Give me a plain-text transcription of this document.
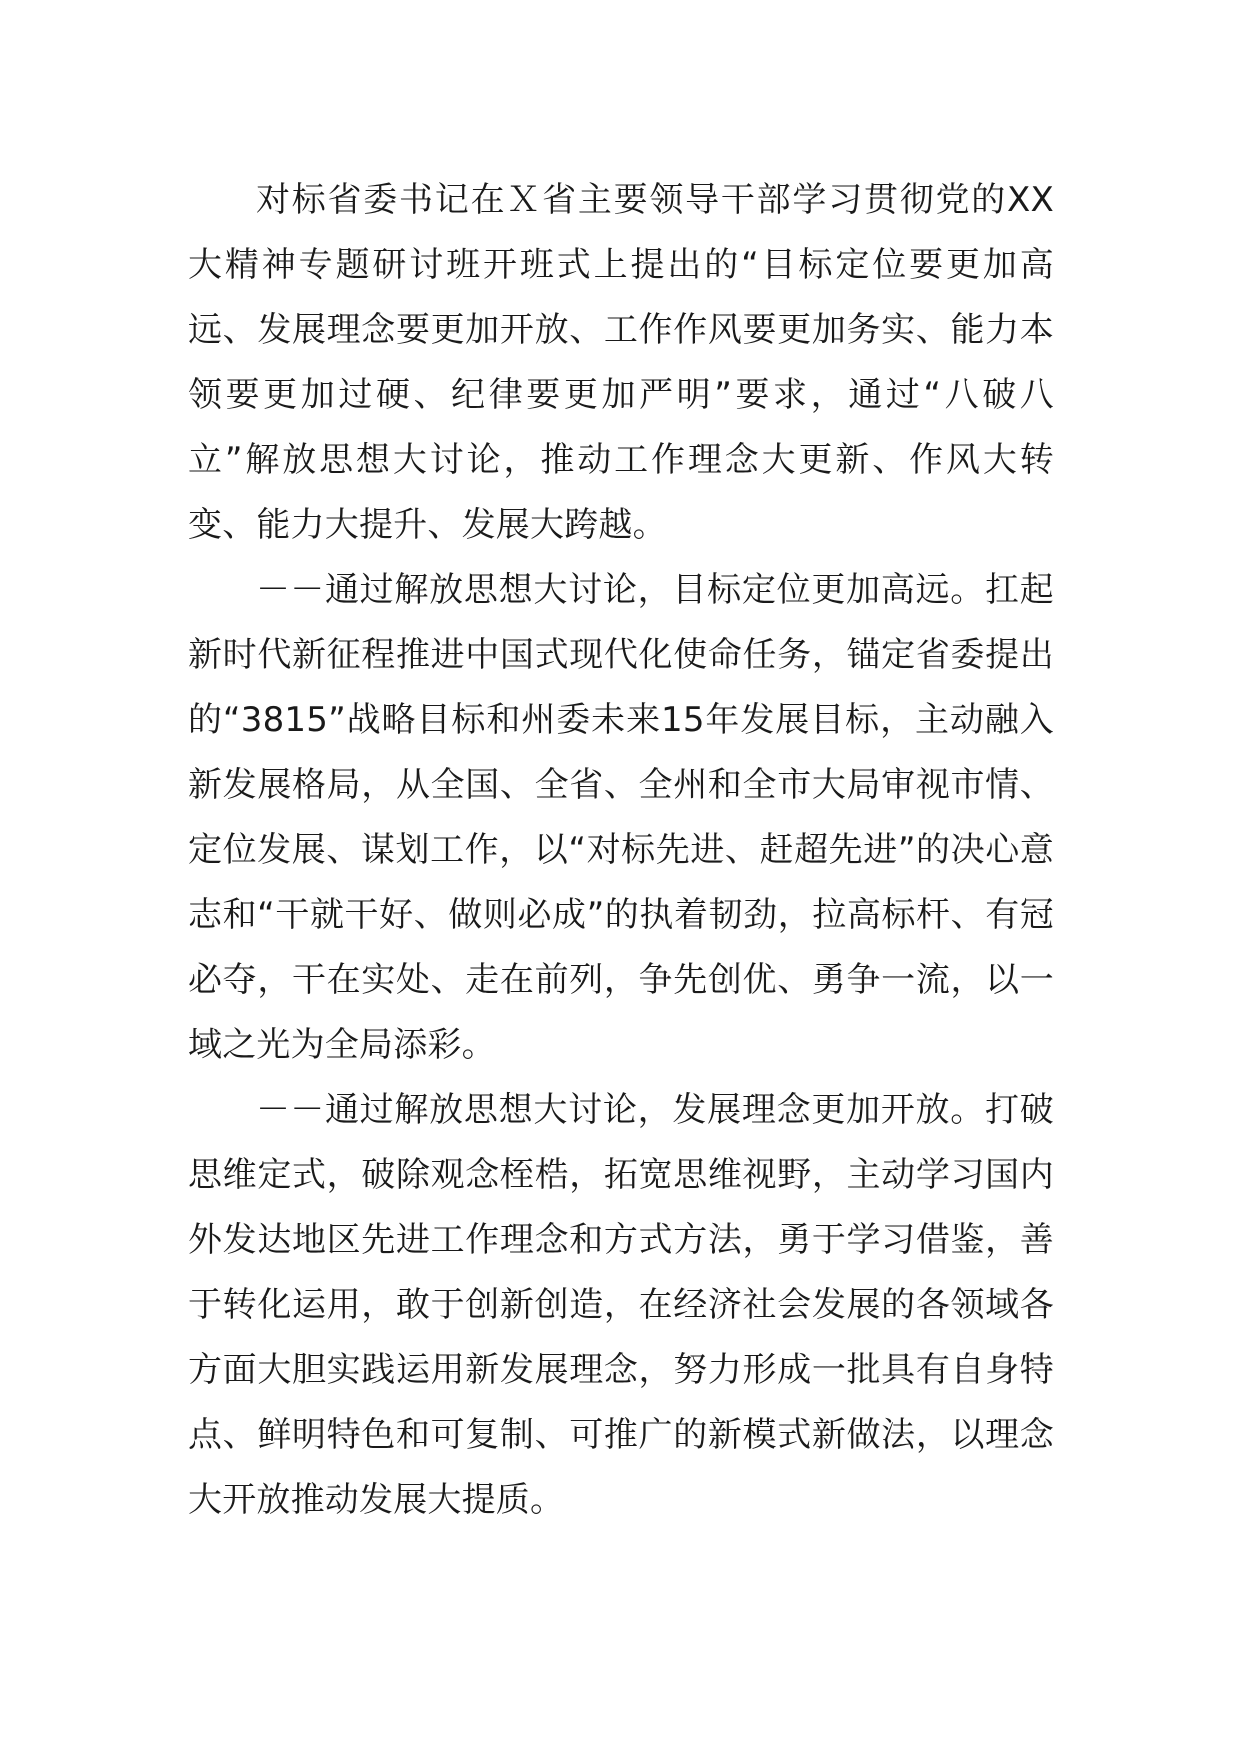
对标省委书记在Ｘ省主要领导干部学习贯彻党的XX大精神专题研讨班开班式上提出的“目标定位要更加高远、发展理念要更加开放、工作作风要更加务实、能力本领要更加过硬、纪律要更加严明”要求，通过“八破八立”解放思想大讨论，推动工作理念大更新、作风大转变、能力大提升、发展大跨越。

－－通过解放思想大讨论，目标定位更加高远。扛起新时代新征程推进中国式现代化使命任务，锚定省委提出的“3815”战略目标和州委未来15年发展目标，主动融入新发展格局，从全国、全省、全州和全市大局审视市情、定位发展、谋划工作，以“对标先进、赶超先进”的决心意志和“干就干好、做则必成”的执着韧劲，拉高标杆、有冠必夺，干在实处、走在前列，争先创优、勇争一流，以一域之光为全局添彩。

－－通过解放思想大讨论，发展理念更加开放。打破思维定式，破除观念桎梏，拓宽思维视野，主动学习国内外发达地区先进工作理念和方式方法，勇于学习借鉴，善于转化运用，敢于创新创造，在经济社会发展的各领域各方面大胆实践运用新发展理念，努力形成一批具有自身特点、鲜明特色和可复制、可推广的新模式新做法，以理念大开放推动发展大提质。
